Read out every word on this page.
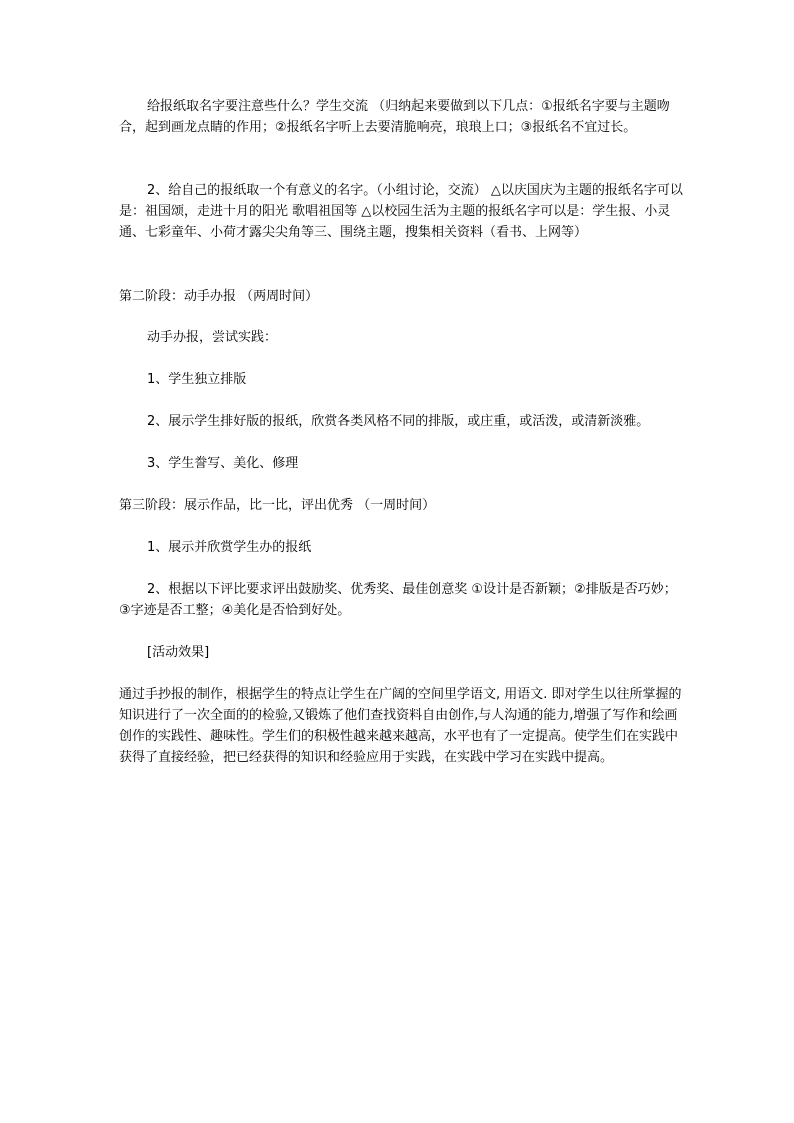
给报纸取名字要注意些什么？学生交流 （归纳起来要做到以下几点：①报纸名字要与主题吻合，起到画龙点睛的作用；②报纸名字听上去要清脆响亮，琅琅上口；③报纸名不宜过长。

2、给自己的报纸取一个有意义的名字。（小组讨论，交流） △以庆国庆为主题的报纸名字可以是：祖国颂，走进十月的阳光 歌唱祖国等 △以校园生活为主题的报纸名字可以是：学生报、小灵通、七彩童年、小荷才露尖尖角等三、围绕主题，搜集相关资料（看书、上网等）

第二阶段：动手办报 （两周时间）

动手办报，尝试实践：

1、学生独立排版

2、展示学生排好版的报纸，欣赏各类风格不同的排版，或庄重，或活泼，或清新淡雅。

3、学生誊写、美化、修理

第三阶段：展示作品，比一比，评出优秀 （一周时间）

1、展示并欣赏学生办的报纸

2、根据以下评比要求评出鼓励奖、优秀奖、最佳创意奖 ①设计是否新颖；②排版是否巧妙；③字迹是否工整；④美化是否恰到好处。

[活动效果]

通过手抄报的制作，根据学生的特点让学生在广阔的空间里学语文, 用语文. 即对学生以往所掌握的知识进行了一次全面的的检验,又锻炼了他们查找资料自由创作,与人沟通的能力,增强了写作和绘画创作的实践性、趣味性。学生们的积极性越来越来越高，水平也有了一定提高。使学生们在实践中获得了直接经验，把已经获得的知识和经验应用于实践，在实践中学习在实践中提高。
